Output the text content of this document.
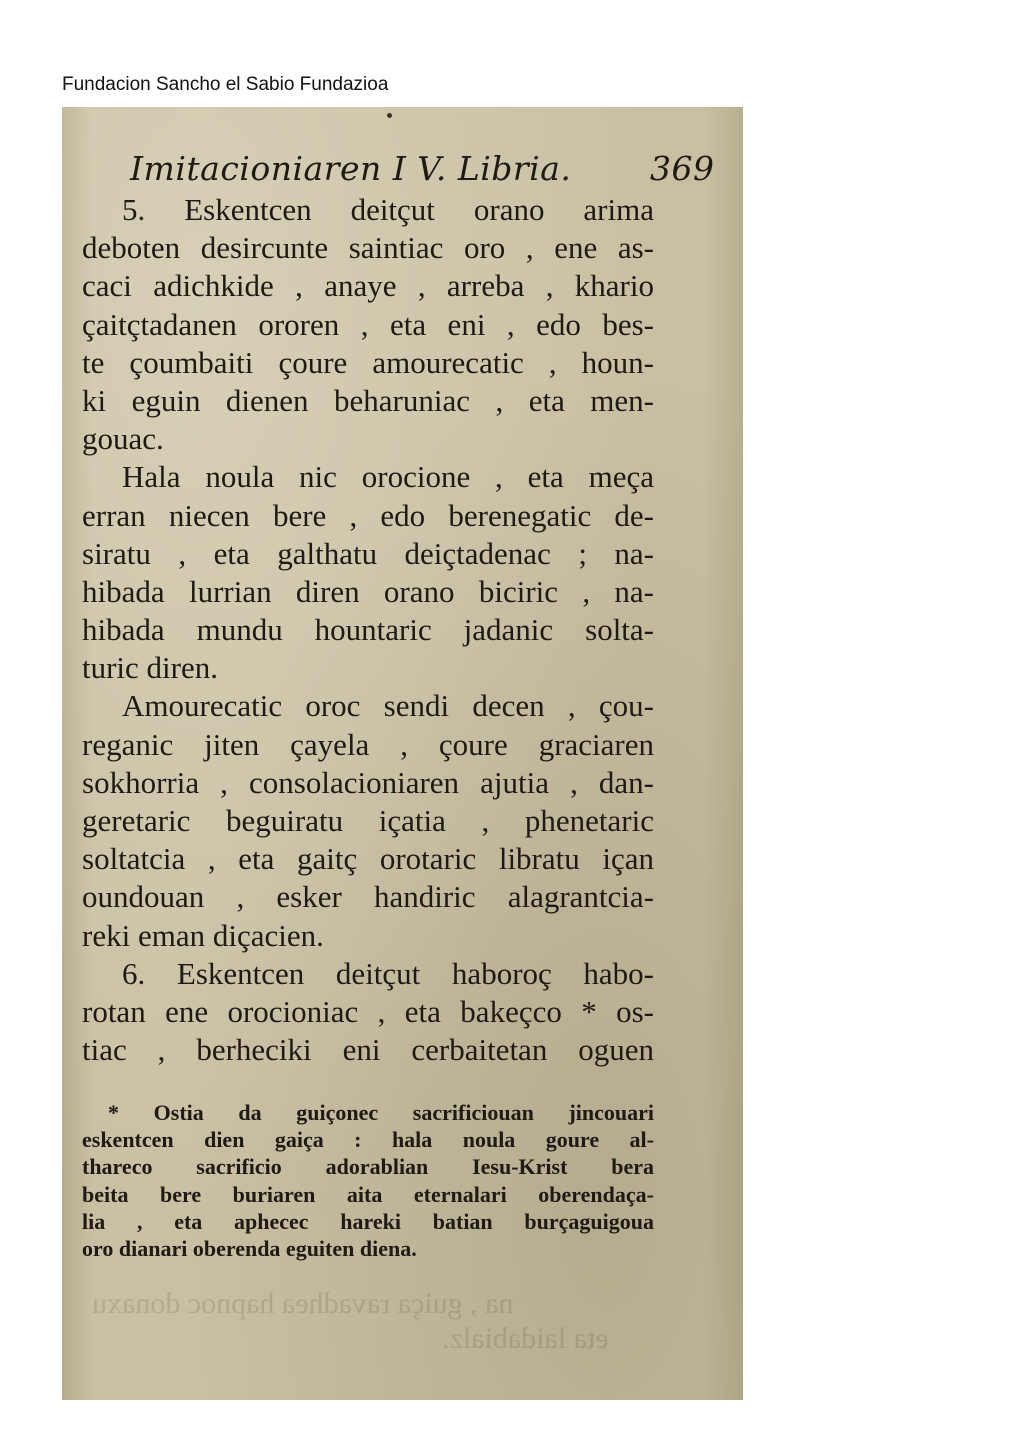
Fundacion Sancho el Sabio Fundazioa
na , guiça ravadhea hapnoc donaxu
eta laidabialz.
Imitacioniaren I V. Libria. 369
5. Eskentcen deitçut orano arima
deboten desircunte saintiac oro , ene as-
caci adichkide , anaye , arreba , khario
çaitçtadanen ororen , eta eni , edo bes-
te çoumbaiti çoure amourecatic , houn-
ki eguin dienen beharuniac , eta men-
gouac.
Hala noula nic orocione , eta meça
erran niecen bere , edo berenegatic de-
siratu , eta galthatu deiçtadenac ; na-
hibada lurrian diren orano biciric , na-
hibada mundu hountaric jadanic solta-
turic diren.
Amourecatic oroc sendi decen , çou-
reganic jiten çayela , çoure graciaren
sokhorria , consolacioniaren ajutia , dan-
geretaric beguiratu içatia , phenetaric
soltatcia , eta gaitç orotaric libratu içan
oundouan , esker handiric alagrantcia-
reki eman diçacien.
6. Eskentcen deitçut haboroç habo-
rotan ene orocioniac , eta bakeçco * os-
tiac , berheciki eni cerbaitetan oguen
* Ostia da guiçonec sacrificiouan jincouari
eskentcen dien gaiça : hala noula goure al-
thareco sacrificio adorablian Iesu-Krist bera
beita bere buriaren aita eternalari oberendaça-
lia , eta aphecec hareki batian burçaguigoua
oro dianari oberenda eguiten diena.
